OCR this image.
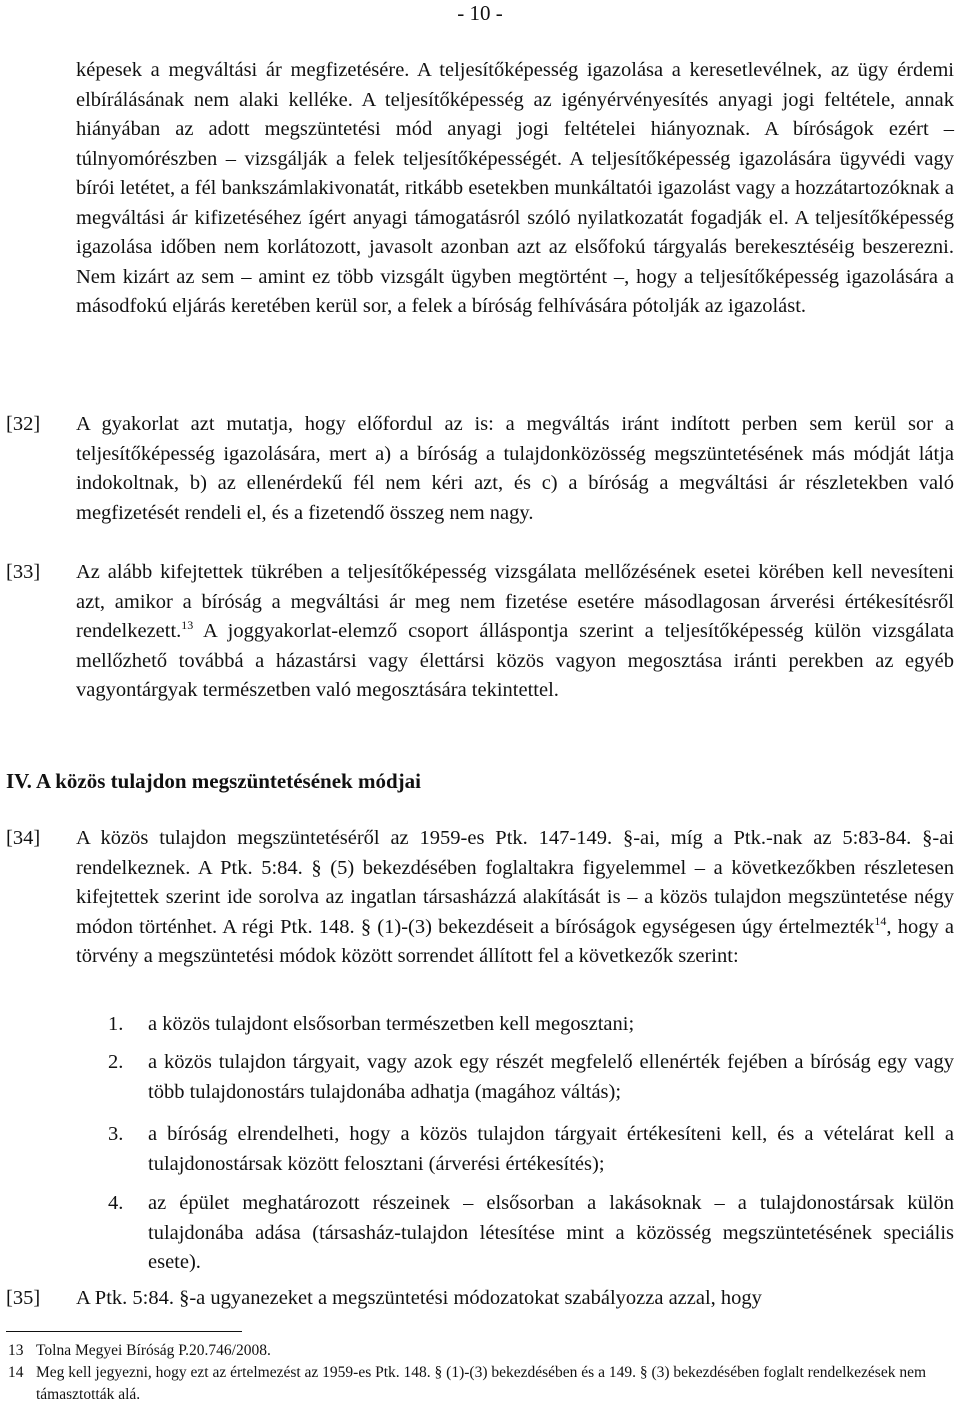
- 10 -
képesek a megváltási ár megfizetésére. A teljesítőképesség igazolása a keresetlevélnek, az ügy érdemi elbírálásának nem alaki kelléke. A teljesítőképesség az igényérvényesítés anyagi jogi feltétele, annak hiányában az adott megszüntetési mód anyagi jogi feltételei hiányoznak. A bíróságok ezért – túlnyomórészben – vizsgálják a felek teljesítőképességét. A teljesítőképesség igazolására ügyvédi vagy bírói letétet, a fél bankszámlakivonatát, ritkább esetekben munkáltatói igazolást vagy a hozzátartozóknak a megváltási ár kifizetéséhez ígért anyagi támogatásról szóló nyilatkozatát fogadják el. A teljesítőképesség igazolása időben nem korlátozott, javasolt azonban azt az elsőfokú tárgyalás berekesztéséig beszerezni. Nem kizárt az sem – amint ez több vizsgált ügyben megtörtént –, hogy a teljesítőképesség igazolására a másodfokú eljárás keretében kerül sor, a felek a bíróság felhívására pótolják az igazolást.
[32] A gyakorlat azt mutatja, hogy előfordul az is: a megváltás iránt indított perben sem kerül sor a teljesítőképesség igazolására, mert a) a bíróság a tulajdonközösség megszüntetésének más módját látja indokoltnak, b) az ellenérdekű fél nem kéri azt, és c) a bíróság a megváltási ár részletekben való megfizetését rendeli el, és a fizetendő összeg nem nagy.
[33] Az alább kifejtettek tükrében a teljesítőképesség vizsgálata mellőzésének esetei körében kell nevesíteni azt, amikor a bíróság a megváltási ár meg nem fizetése esetére másodlagosan árverési értékesítésről rendelkezett.$^{13}$ A joggyakorlat-elemző csoport álláspontja szerint a teljesítőképesség külön vizsgálata mellőzhető továbbá a házastársi vagy élettársi közös vagyon megosztása iránti perekben az egyéb vagyontárgyak természetben való megosztására tekintettel.
IV. A közös tulajdon megszüntetésének módjai
[34] A közös tulajdon megszüntetéséről az 1959-es Ptk. 147-149. §-ai, míg a Ptk.-nak az 5:83-84. §-ai rendelkeznek. A Ptk. 5:84. § (5) bekezdésében foglaltakra figyelemmel – a következőkben részletesen kifejtettek szerint ide sorolva az ingatlan társasházzá alakítását is – a közös tulajdon megszüntetése négy módon történhet. A régi Ptk. 148. § (1)-(3) bekezdéseit a bíróságok egységesen úgy értelmezték$^{14}$, hogy a törvény a megszüntetési módok között sorrendet állított fel a következők szerint:
1. a közös tulajdont elsősorban természetben kell megosztani;
2. a közös tulajdon tárgyait, vagy azok egy részét megfelelő ellenérték fejében a bíróság egy vagy több tulajdonostárs tulajdonába adhatja (magához váltás);
3. a bíróság elrendelheti, hogy a közös tulajdon tárgyait értékesíteni kell, és a vételárat kell a tulajdonostársak között felosztani (árverési értékesítés);
4. az épület meghatározott részeinek – elsősorban a lakásoknak – a tulajdonostársak külön tulajdonába adása (társasház-tulajdon létesítése mint a közösség megszüntetésének speciális esete).
[35] A Ptk. 5:84. §-a ugyanezeket a megszüntetési módozatokat szabályozza azzal, hogy
13 Tolna Megyei Bíróság P.20.746/2008.
14 Meg kell jegyezni, hogy ezt az értelmezést az 1959-es Ptk. 148. § (1)-(3) bekezdésében és a 149. § (3) bekezdésében foglalt rendelkezések nem támasztották alá.
